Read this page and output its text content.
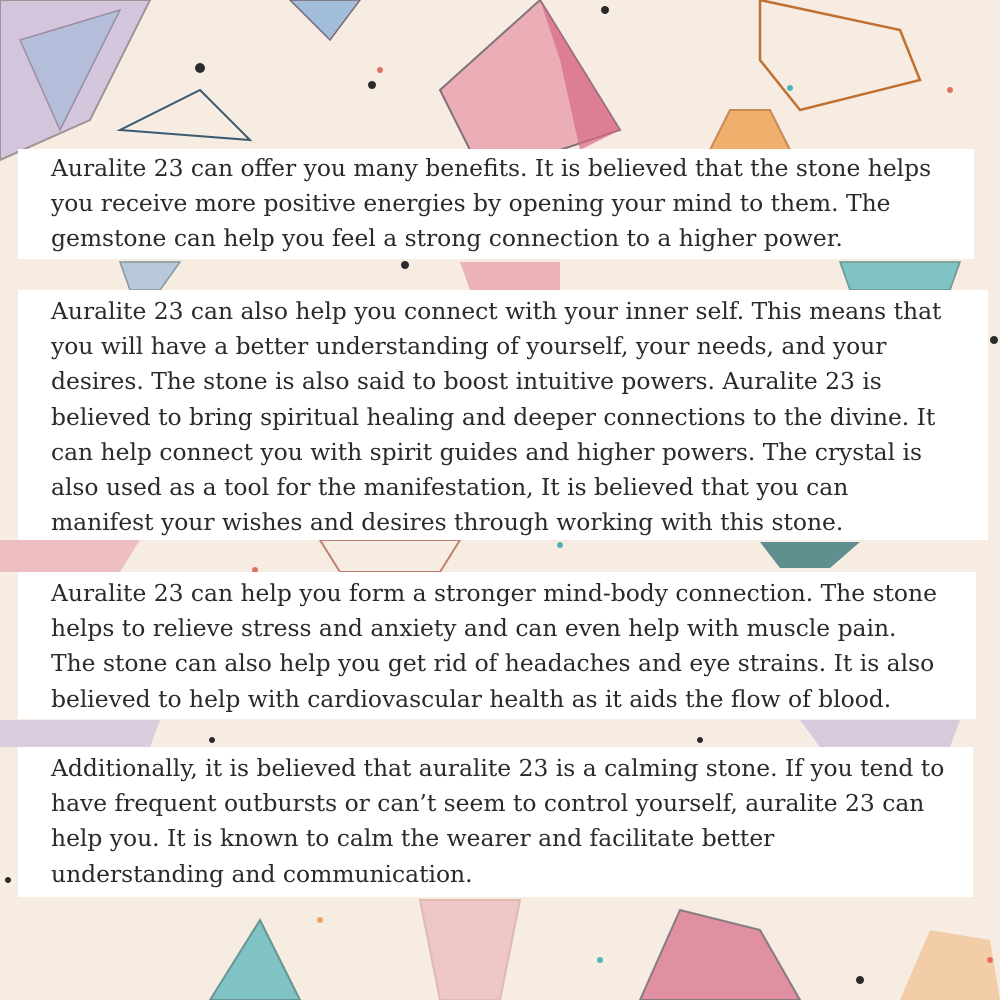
Auralite 23 can offer you many benefits. It is believed that the stone helps
you receive more positive energies by opening your mind to them. The
gemstone can help you feel a strong connection to a higher power.
Auralite 23 can also help you connect with your inner self. This means that
you will have a better understanding of yourself, your needs, and your
desires. The stone is also said to boost intuitive powers. Auralite 23 is
believed to bring spiritual healing and deeper connections to the divine. It
can help connect you with spirit guides and higher powers. The crystal is
also used as a tool for the manifestation, It is believed that you can
manifest your wishes and desires through working with this stone.
Auralite 23 can help you form a stronger mind-body connection. The stone
helps to relieve stress and anxiety and can even help with muscle pain.
The stone can also help you get rid of headaches and eye strains. It is also
believed to help with cardiovascular health as it aids the flow of blood.
Additionally, it is believed that auralite 23 is a calming stone. If you tend to
have frequent outbursts or can’t seem to control yourself, auralite 23 can
help you. It is known to calm the wearer and facilitate better
understanding and communication.
